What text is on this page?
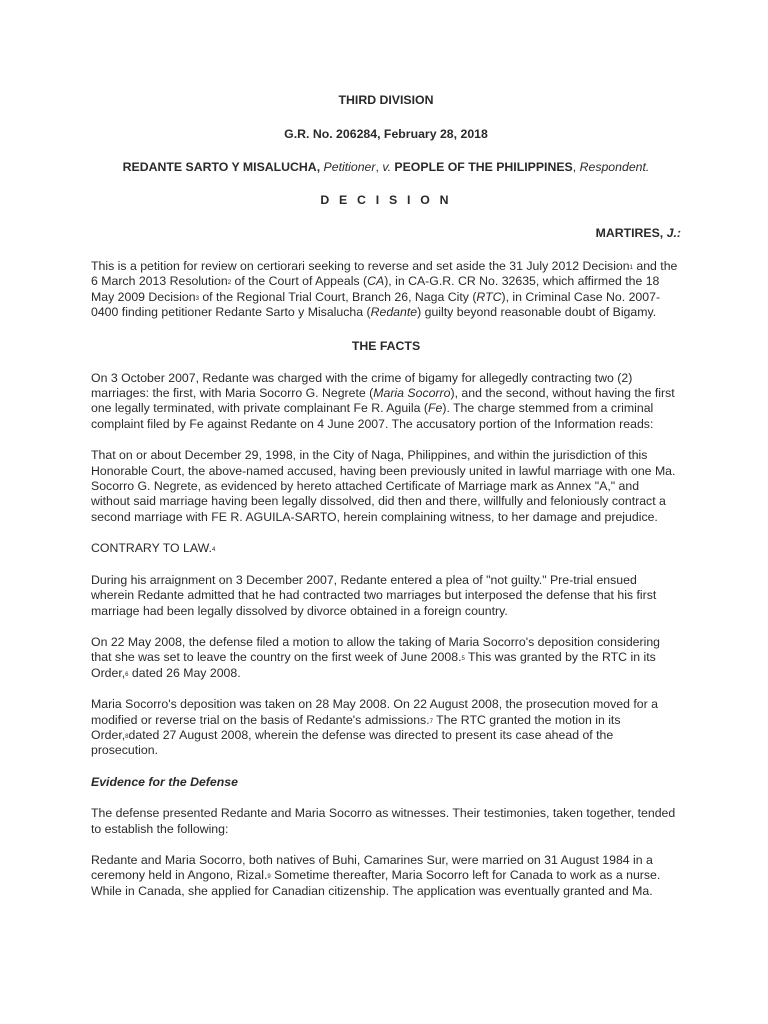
THIRD DIVISION

G.R. No. 206284, February 28, 2018

REDANTE SARTO Y MISALUCHA, Petitioner, v. PEOPLE OF THE PHILIPPINES, Respondent.

D E C I S I O N

MARTIRES, J.:

This is a petition for review on certiorari seeking to reverse and set aside the 31 July 2012 Decision$^1$ and the 6 March 2013 Resolution$^2$ of the Court of Appeals (CA), in CA-G.R. CR No. 32635, which affirmed the 18 May 2009 Decision$^3$ of the Regional Trial Court, Branch 26, Naga City (RTC), in Criminal Case No. 2007-0400 finding petitioner Redante Sarto y Misalucha (Redante) guilty beyond reasonable doubt of Bigamy.

THE FACTS

On 3 October 2007, Redante was charged with the crime of bigamy for allegedly contracting two (2) marriages: the first, with Maria Socorro G. Negrete (Maria Socorro), and the second, without having the first one legally terminated, with private complainant Fe R. Aguila (Fe). The charge stemmed from a criminal complaint filed by Fe against Redante on 4 June 2007. The accusatory portion of the Information reads:

That on or about December 29, 1998, in the City of Naga, Philippines, and within the jurisdiction of this Honorable Court, the above-named accused, having been previously united in lawful marriage with one Ma. Socorro G. Negrete, as evidenced by hereto attached Certificate of Marriage mark as Annex "A," and without said marriage having been legally dissolved, did then and there, willfully and feloniously contract a second marriage with FE R. AGUILA-SARTO, herein complaining witness, to her damage and prejudice.

CONTRARY TO LAW.$^4$

During his arraignment on 3 December 2007, Redante entered a plea of "not guilty." Pre-trial ensued wherein Redante admitted that he had contracted two marriages but interposed the defense that his first marriage had been legally dissolved by divorce obtained in a foreign country.

On 22 May 2008, the defense filed a motion to allow the taking of Maria Socorro's deposition considering that she was set to leave the country on the first week of June 2008.$^5$ This was granted by the RTC in its Order,$^6$ dated 26 May 2008.

Maria Socorro's deposition was taken on 28 May 2008. On 22 August 2008, the prosecution moved for a modified or reverse trial on the basis of Redante's admissions.$^7$ The RTC granted the motion in its Order,$^8$dated 27 August 2008, wherein the defense was directed to present its case ahead of the prosecution.

Evidence for the Defense

The defense presented Redante and Maria Socorro as witnesses. Their testimonies, taken together, tended to establish the following:

Redante and Maria Socorro, both natives of Buhi, Camarines Sur, were married on 31 August 1984 in a ceremony held in Angono, Rizal.$^9$ Sometime thereafter, Maria Socorro left for Canada to work as a nurse. While in Canada, she applied for Canadian citizenship. The application was eventually granted and Ma.
